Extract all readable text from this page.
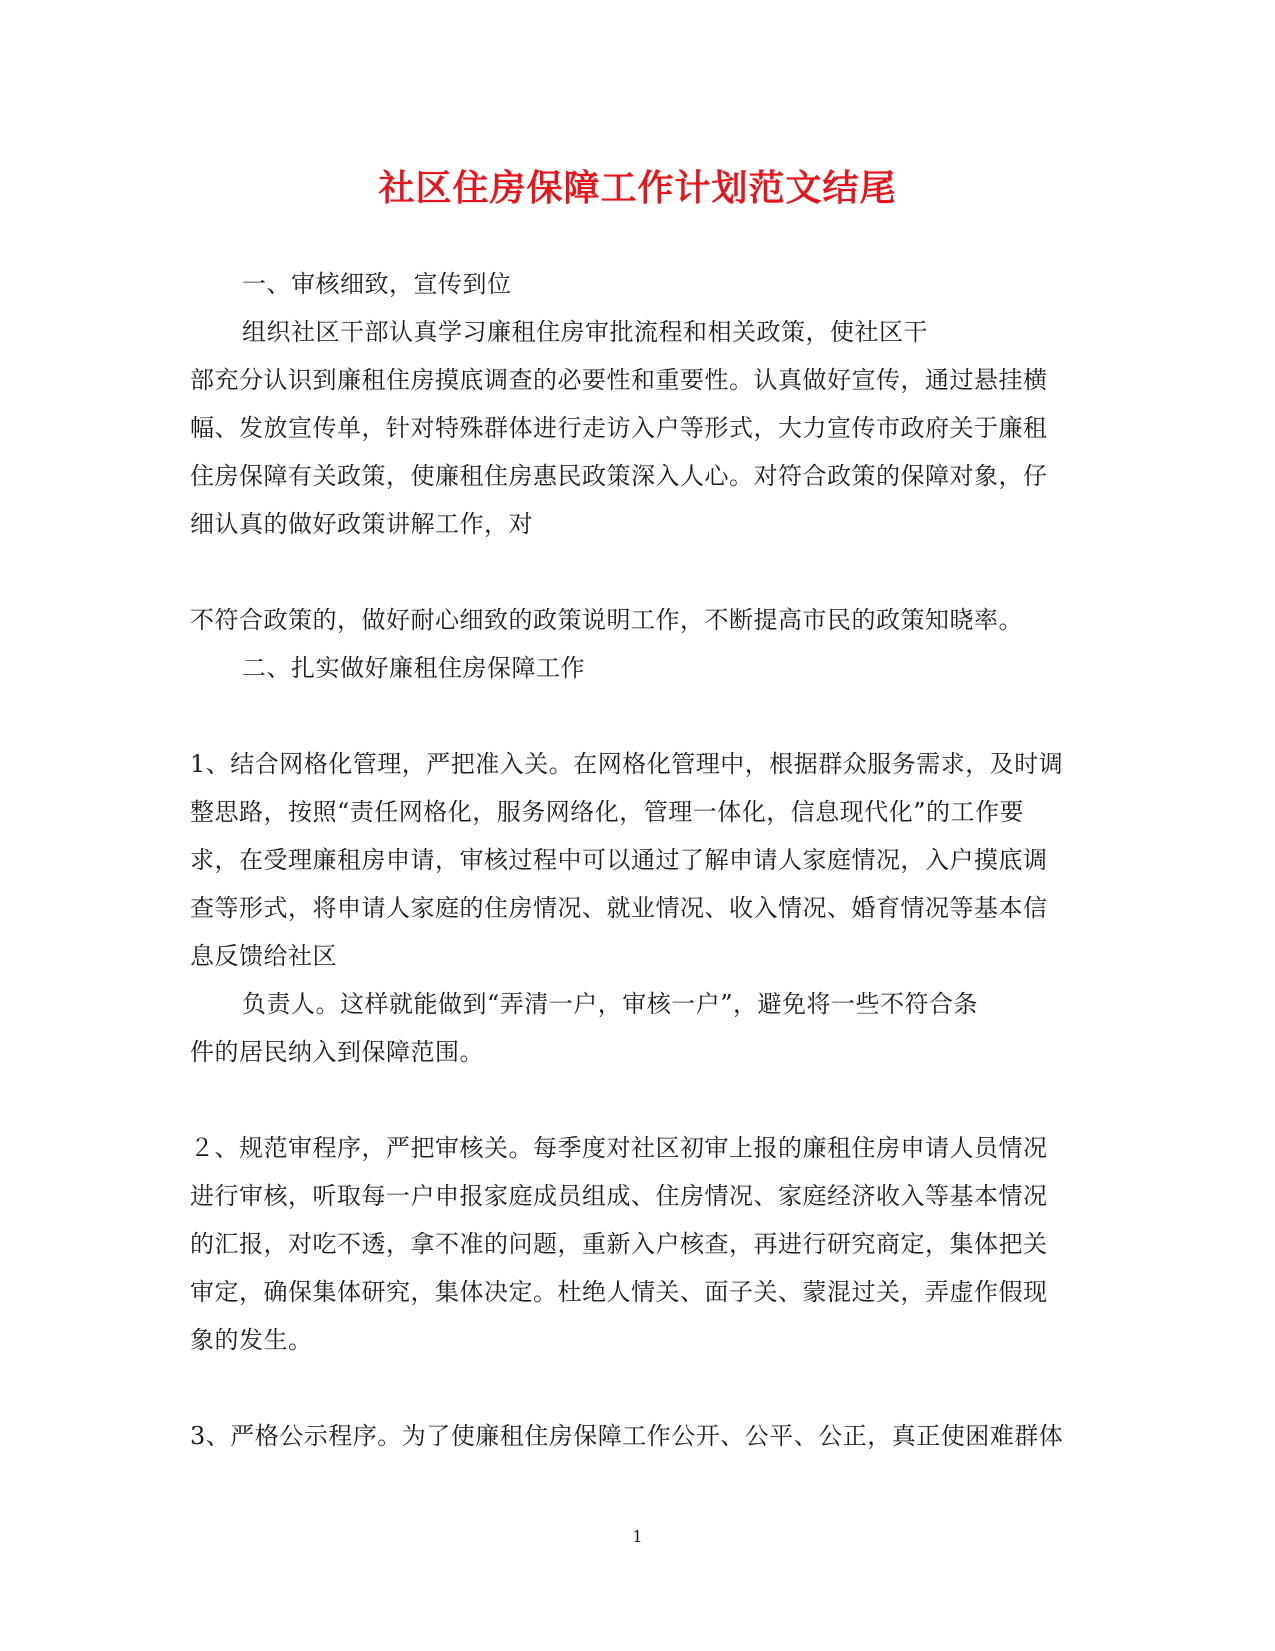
社区住房保障工作计划范文结尾

一、审核细致，宣传到位

组织社区干部认真学习廉租住房审批流程和相关政策，使社区干

部充分认识到廉租住房摸底调查的必要性和重要性。认真做好宣传，通过悬挂横

幅、发放宣传单，针对特殊群体进行走访入户等形式，大力宣传市政府关于廉租

住房保障有关政策，使廉租住房惠民政策深入人心。对符合政策的保障对象，仔

细认真的做好政策讲解工作，对

不符合政策的，做好耐心细致的政策说明工作，不断提高市民的政策知晓率。

二、扎实做好廉租住房保障工作

1、结合网格化管理，严把准入关。在网格化管理中，根据群众服务需求，及时调

整思路，按照“责任网格化，服务网络化，管理一体化，信息现代化”的工作要

求，在受理廉租房申请，审核过程中可以通过了解申请人家庭情况，入户摸底调

查等形式，将申请人家庭的住房情况、就业情况、收入情况、婚育情况等基本信

息反馈给社区

负责人。这样就能做到“弄清一户，审核一户”，避免将一些不符合条

件的居民纳入到保障范围。

２、规范审程序，严把审核关。每季度对社区初审上报的廉租住房申请人员情况

进行审核，听取每一户申报家庭成员组成、住房情况、家庭经济收入等基本情况

的汇报，对吃不透，拿不准的问题，重新入户核查，再进行研究商定，集体把关

审定，确保集体研究，集体决定。杜绝人情关、面子关、蒙混过关，弄虚作假现

象的发生。

3、严格公示程序。为了使廉租住房保障工作公开、公平、公正，真正使困难群体

1
